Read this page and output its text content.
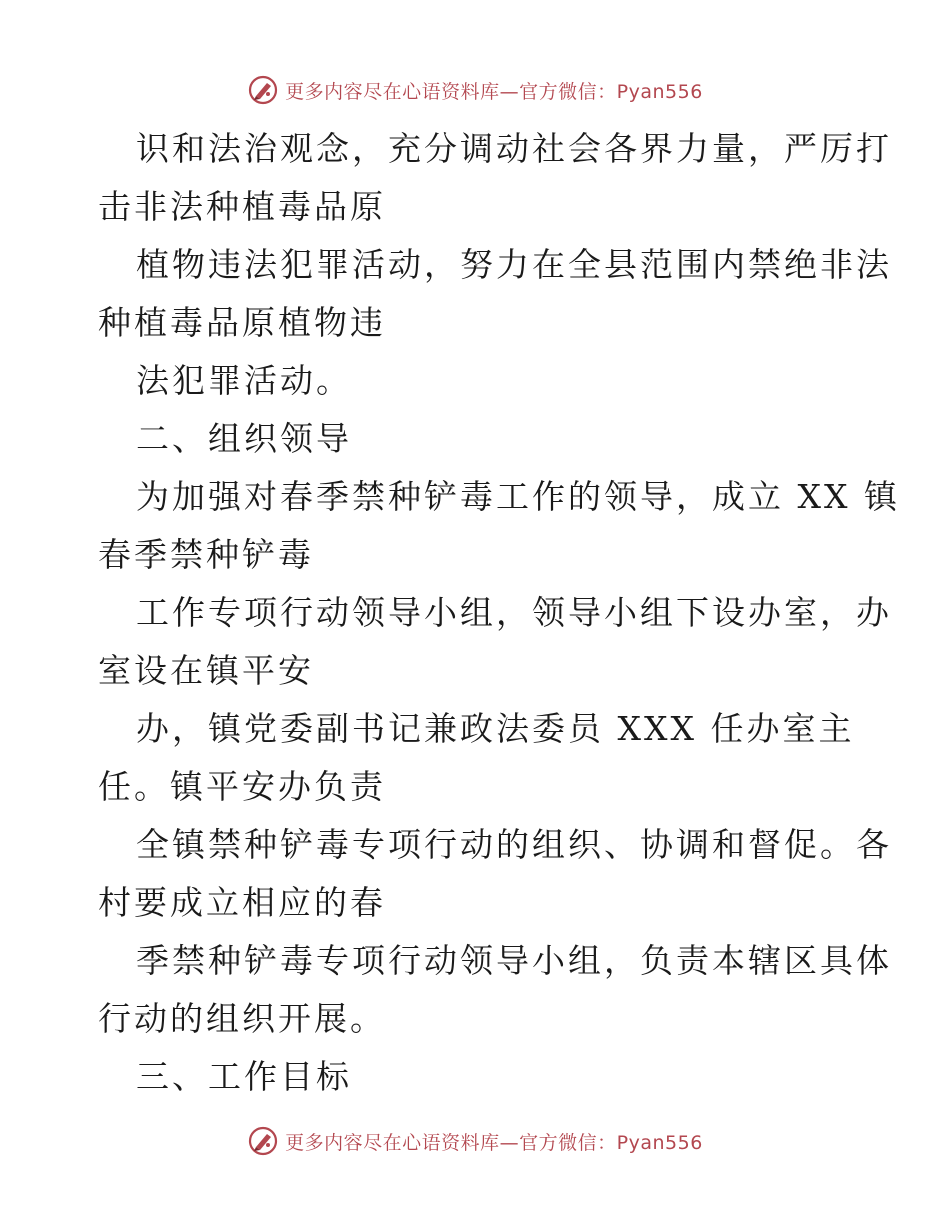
更多内容尽在心语资料库—官方微信：Pyan556

识和法治观念，充分调动社会各界力量，严厉打
击非法种植毒品原

植物违法犯罪活动，努力在全县范围内禁绝非法
种植毒品原植物违

法犯罪活动。

二、组织领导

为加强对春季禁种铲毒工作的领导，成立 XX 镇
春季禁种铲毒

工作专项行动领导小组，领导小组下设办室，办
室设在镇平安

办，镇党委副书记兼政法委员 XXX 任办室主
任。镇平安办负责

全镇禁种铲毒专项行动的组织、协调和督促。各
村要成立相应的春

季禁种铲毒专项行动领导小组，负责本辖区具体
行动的组织开展。

三、工作目标

更多内容尽在心语资料库—官方微信：Pyan556
